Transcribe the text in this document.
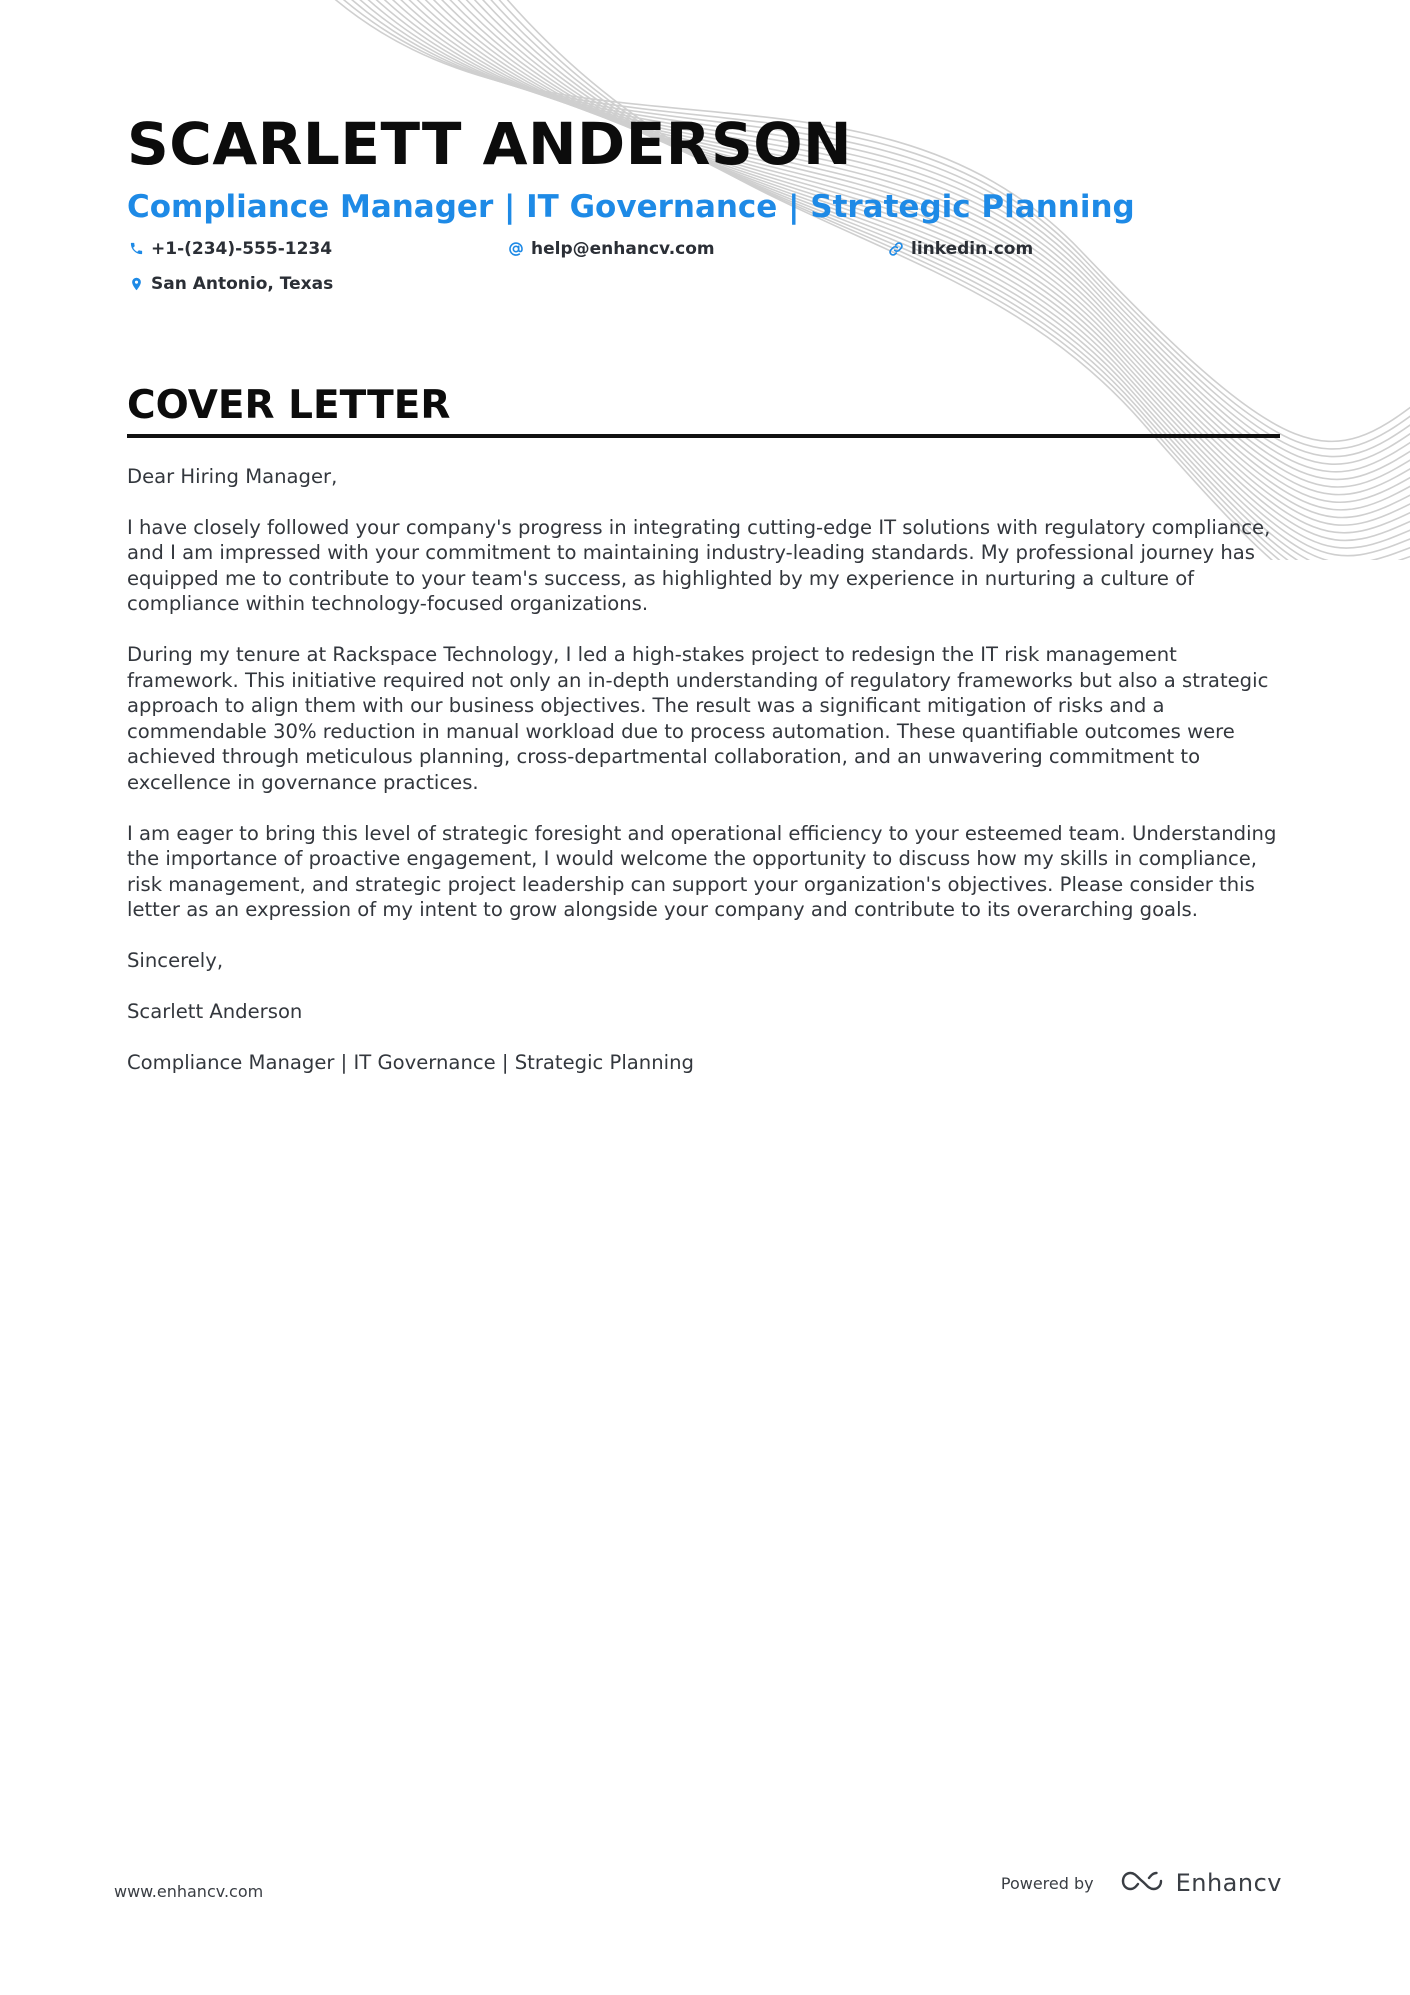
SCARLETT ANDERSON
Compliance Manager | IT Governance | Strategic Planning
+1-(234)-555-1234	help@enhancv.com	linkedin.com
San Antonio, Texas
COVER LETTER

Dear Hiring Manager,

I have closely followed your company's progress in integrating cutting-edge IT solutions with regulatory compliance, and I am impressed with your commitment to maintaining industry-leading standards. My professional journey has equipped me to contribute to your team's success, as highlighted by my experience in nurturing a culture of compliance within technology-focused organizations.

During my tenure at Rackspace Technology, I led a high-stakes project to redesign the IT risk management framework. This initiative required not only an in-depth understanding of regulatory frameworks but also a strategic approach to align them with our business objectives. The result was a significant mitigation of risks and a commendable 30% reduction in manual workload due to process automation. These quantifiable outcomes were achieved through meticulous planning, cross-departmental collaboration, and an unwavering commitment to excellence in governance practices.

I am eager to bring this level of strategic foresight and operational efficiency to your esteemed team. Understanding the importance of proactive engagement, I would welcome the opportunity to discuss how my skills in compliance, risk management, and strategic project leadership can support your organization's objectives. Please consider this letter as an expression of my intent to grow alongside your company and contribute to its overarching goals.

Sincerely,

Scarlett Anderson

Compliance Manager | IT Governance | Strategic Planning

www.enhancv.com	Powered by	Enhancv
